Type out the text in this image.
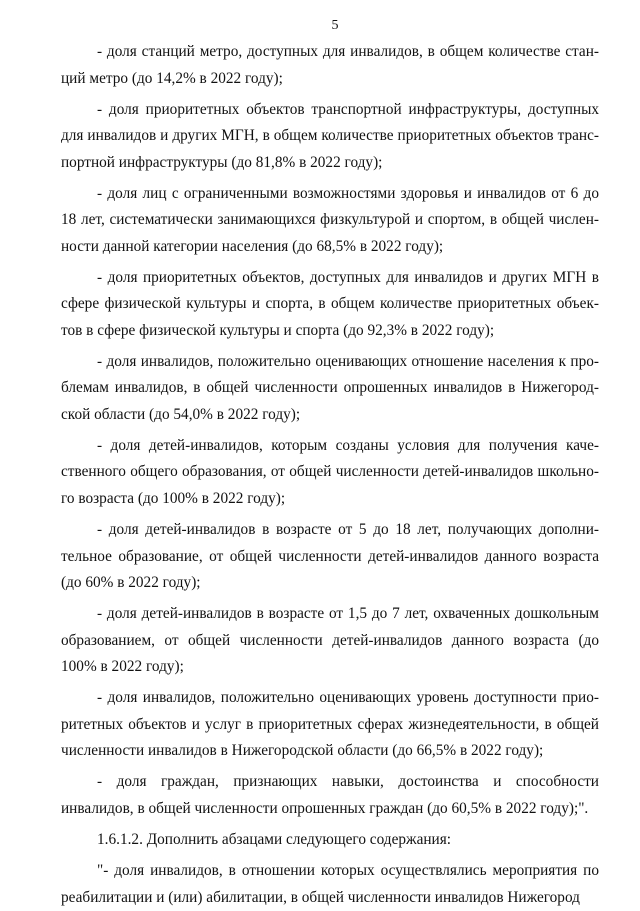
5

- доля станций метро, доступных для инвалидов, в общем количестве станций метро (до 14,2% в 2022 году);

- доля приоритетных объектов транспортной инфраструктуры, доступных для инвалидов и других МГН, в общем количестве приоритетных объектов транспортной инфраструктуры (до 81,8% в 2022 году);

- доля лиц с ограниченными возможностями здоровья и инвалидов от 6 до 18 лет, систематически занимающихся физкультурой и спортом, в общей численности данной категории населения (до 68,5% в 2022 году);

- доля приоритетных объектов, доступных для инвалидов и других МГН в сфере физической культуры и спорта, в общем количестве приоритетных объектов в сфере физической культуры и спорта (до 92,3% в 2022 году);

- доля инвалидов, положительно оценивающих отношение населения к проблемам инвалидов, в общей численности опрошенных инвалидов в Нижегородской области (до 54,0% в 2022 году);

- доля детей-инвалидов, которым созданы условия для получения качественного общего образования, от общей численности детей-инвалидов школьного возраста (до 100% в 2022 году);

- доля детей-инвалидов в возрасте от 5 до 18 лет, получающих дополнительное образование, от общей численности детей-инвалидов данного возраста (до 60% в 2022 году);

- доля детей-инвалидов в возрасте от 1,5 до 7 лет, охваченных дошкольным образованием, от общей численности детей-инвалидов данного возраста (до 100% в 2022 году);

- доля инвалидов, положительно оценивающих уровень доступности приоритетных объектов и услуг в приоритетных сферах жизнедеятельности, в общей численности инвалидов в Нижегородской области (до 66,5% в 2022 году);

- доля граждан, признающих навыки, достоинства и способности инвалидов, в общей численности опрошенных граждан (до 60,5% в 2022 году);".

1.6.1.2. Дополнить абзацами следующего содержания:

"- доля инвалидов, в отношении которых осуществлялись мероприятия по реабилитации и (или) абилитации, в общей численности инвалидов Нижегород
